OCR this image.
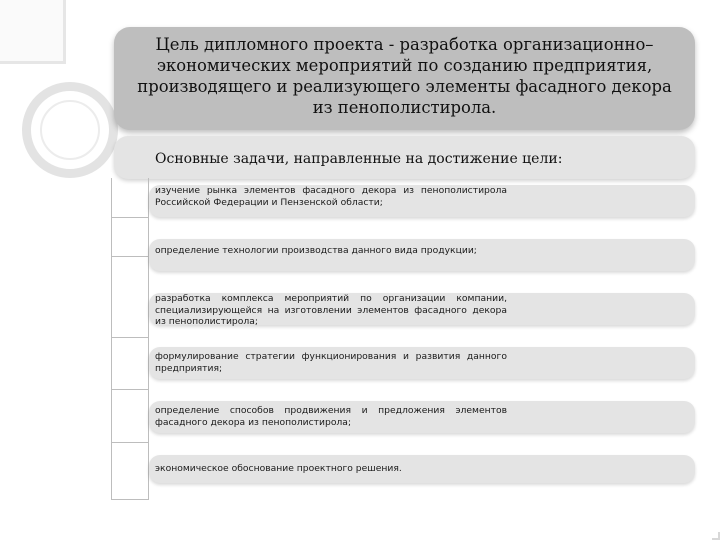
Цель дипломного проекта - разработка организационно– экономических мероприятий по созданию предприятия, производящего и реализующего элементы фасадного декора из пенополистирола.
Основные задачи, направленные на достижение цели:
изучение рынка элементов фасадного декора из пенополистирола Российской Федерации и Пензенской области;
определение технологии производства данного вида продукции;
разработка комплекса мероприятий по организации компании, специализирующейся на изготовлении элементов фасадного декора из пенополистирола;
формулирование стратегии функционирования и развития данного предприятия;
определение способов продвижения и предложения элементов фасадного декора из пенополистирола;
экономическое обоснование проектного решения.
